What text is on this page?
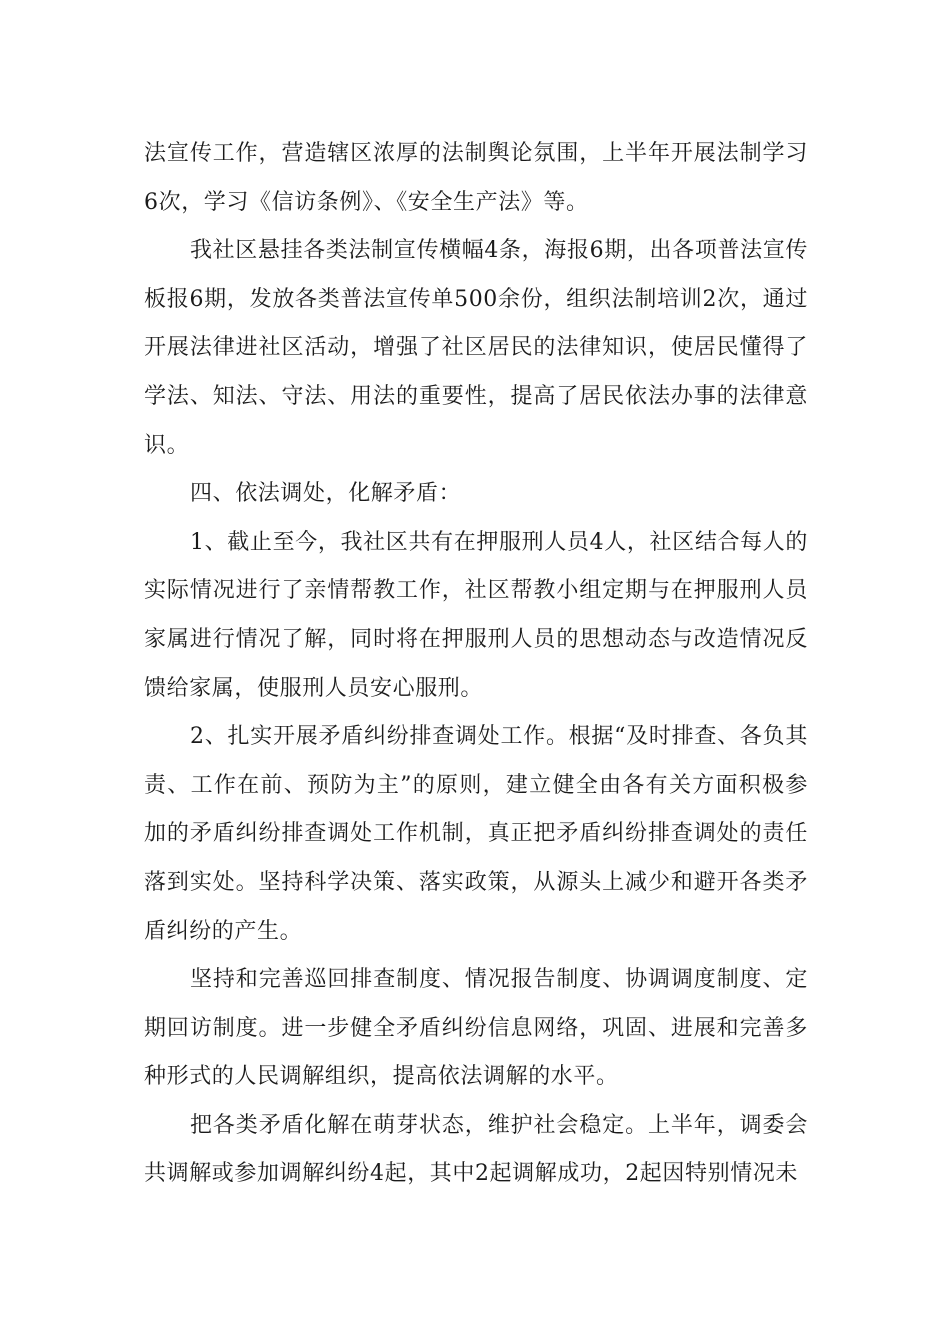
法宣传工作，营造辖区浓厚的法制舆论氛围，上半年开展法制学习6次，学习《信访条例》、《安全生产法》等。

我社区悬挂各类法制宣传横幅4条，海报6期，出各项普法宣传板报6期，发放各类普法宣传单500余份，组织法制培训2次，通过开展法律进社区活动，增强了社区居民的法律知识，使居民懂得了学法、知法、守法、用法的重要性，提高了居民依法办事的法律意识。

四、依法调处，化解矛盾：

1、截止至今，我社区共有在押服刑人员4人，社区结合每人的实际情况进行了亲情帮教工作，社区帮教小组定期与在押服刑人员家属进行情况了解，同时将在押服刑人员的思想动态与改造情况反馈给家属，使服刑人员安心服刑。

2、扎实开展矛盾纠纷排查调处工作。根据“及时排查、各负其责、工作在前、预防为主”的原则，建立健全由各有关方面积极参加的矛盾纠纷排查调处工作机制，真正把矛盾纠纷排查调处的责任落到实处。坚持科学决策、落实政策，从源头上减少和避开各类矛盾纠纷的产生。

坚持和完善巡回排查制度、情况报告制度、协调调度制度、定期回访制度。进一步健全矛盾纠纷信息网络，巩固、进展和完善多种形式的人民调解组织，提高依法调解的水平。

把各类矛盾化解在萌芽状态，维护社会稳定。上半年，调委会共调解或参加调解纠纷4起，其中2起调解成功，2起因特别情况未
